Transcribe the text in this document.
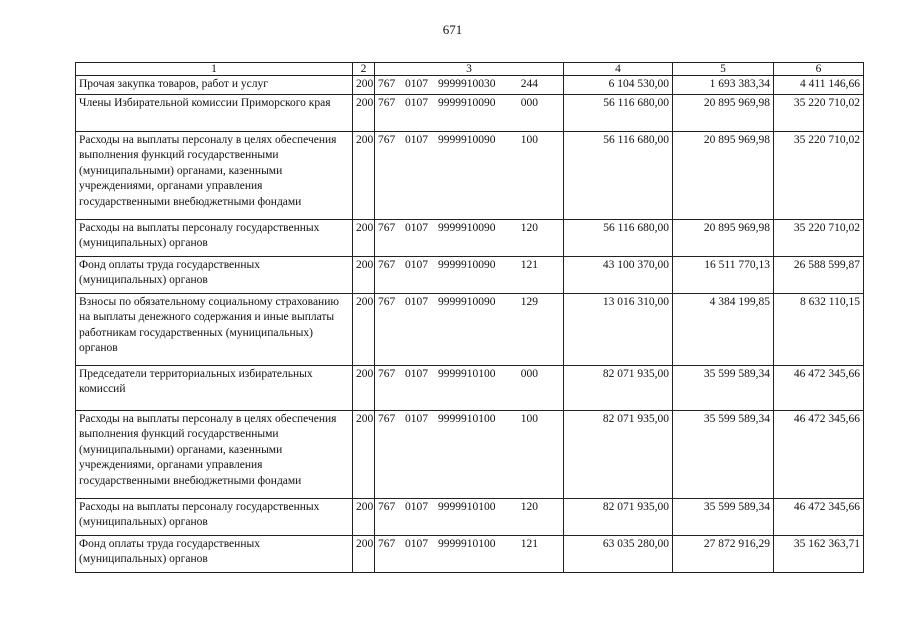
671
1	2	3	4	5	6
Прочая закупка товаров, работ и услуг	200	767 0107 9999910030 244	6 104 530,00	1 693 383,34	4 411 146,66
Члены Избирательной комиссии Приморского края	200	767 0107 9999910090 000	56 116 680,00	20 895 969,98	35 220 710,02
Расходы на выплаты персоналу в целях обеспечения выполнения функций государственными (муниципальными) органами, казенными учреждениями, органами управления государственными внебюджетными фондами	200	767 0107 9999910090 100	56 116 680,00	20 895 969,98	35 220 710,02
Расходы на выплаты персоналу государственных (муниципальных) органов	200	767 0107 9999910090 120	56 116 680,00	20 895 969,98	35 220 710,02
Фонд оплаты труда государственных (муниципальных) органов	200	767 0107 9999910090 121	43 100 370,00	16 511 770,13	26 588 599,87
Взносы по обязательному социальному страхованию на выплаты денежного содержания и иные выплаты работникам государственных (муниципальных) органов	200	767 0107 9999910090 129	13 016 310,00	4 384 199,85	8 632 110,15
Председатели территориальных избирательных комиссий	200	767 0107 9999910100 000	82 071 935,00	35 599 589,34	46 472 345,66
Расходы на выплаты персоналу в целях обеспечения выполнения функций государственными (муниципальными) органами, казенными учреждениями, органами управления государственными внебюджетными фондами	200	767 0107 9999910100 100	82 071 935,00	35 599 589,34	46 472 345,66
Расходы на выплаты персоналу государственных (муниципальных) органов	200	767 0107 9999910100 120	82 071 935,00	35 599 589,34	46 472 345,66
Фонд оплаты труда государственных (муниципальных) органов	200	767 0107 9999910100 121	63 035 280,00	27 872 916,29	35 162 363,71
